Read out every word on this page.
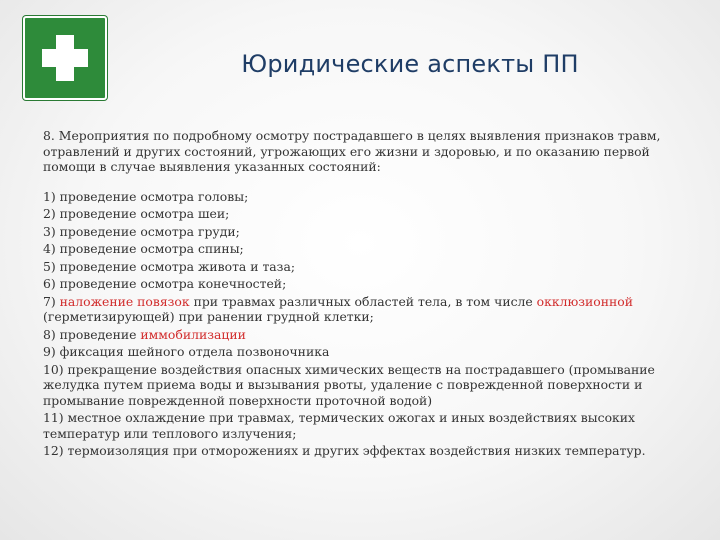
Юридические аспекты ПП

8. Мероприятия по подробному осмотру пострадавшего в целях выявления признаков травм, отравлений и других состояний, угрожающих его жизни и здоровью, и по оказанию первой помощи в случае выявления указанных состояний:

1) проведение осмотра головы;
2) проведение осмотра шеи;
3) проведение осмотра груди;
4) проведение осмотра спины;
5) проведение осмотра живота и таза;
6) проведение осмотра конечностей;
7) наложение повязок при травмах различных областей тела, в том числе окклюзионной (герметизирующей) при ранении грудной клетки;
8) проведение иммобилизации
9) фиксация шейного отдела позвоночника
10) прекращение воздействия опасных химических веществ на пострадавшего (промывание желудка путем приема воды и вызывания рвоты, удаление с поврежденной поверхности и промывание поврежденной поверхности проточной водой)
11) местное охлаждение при травмах, термических ожогах и иных воздействиях высоких температур или теплового излучения;
12) термоизоляция при отморожениях и других эффектах воздействия низких температур.
